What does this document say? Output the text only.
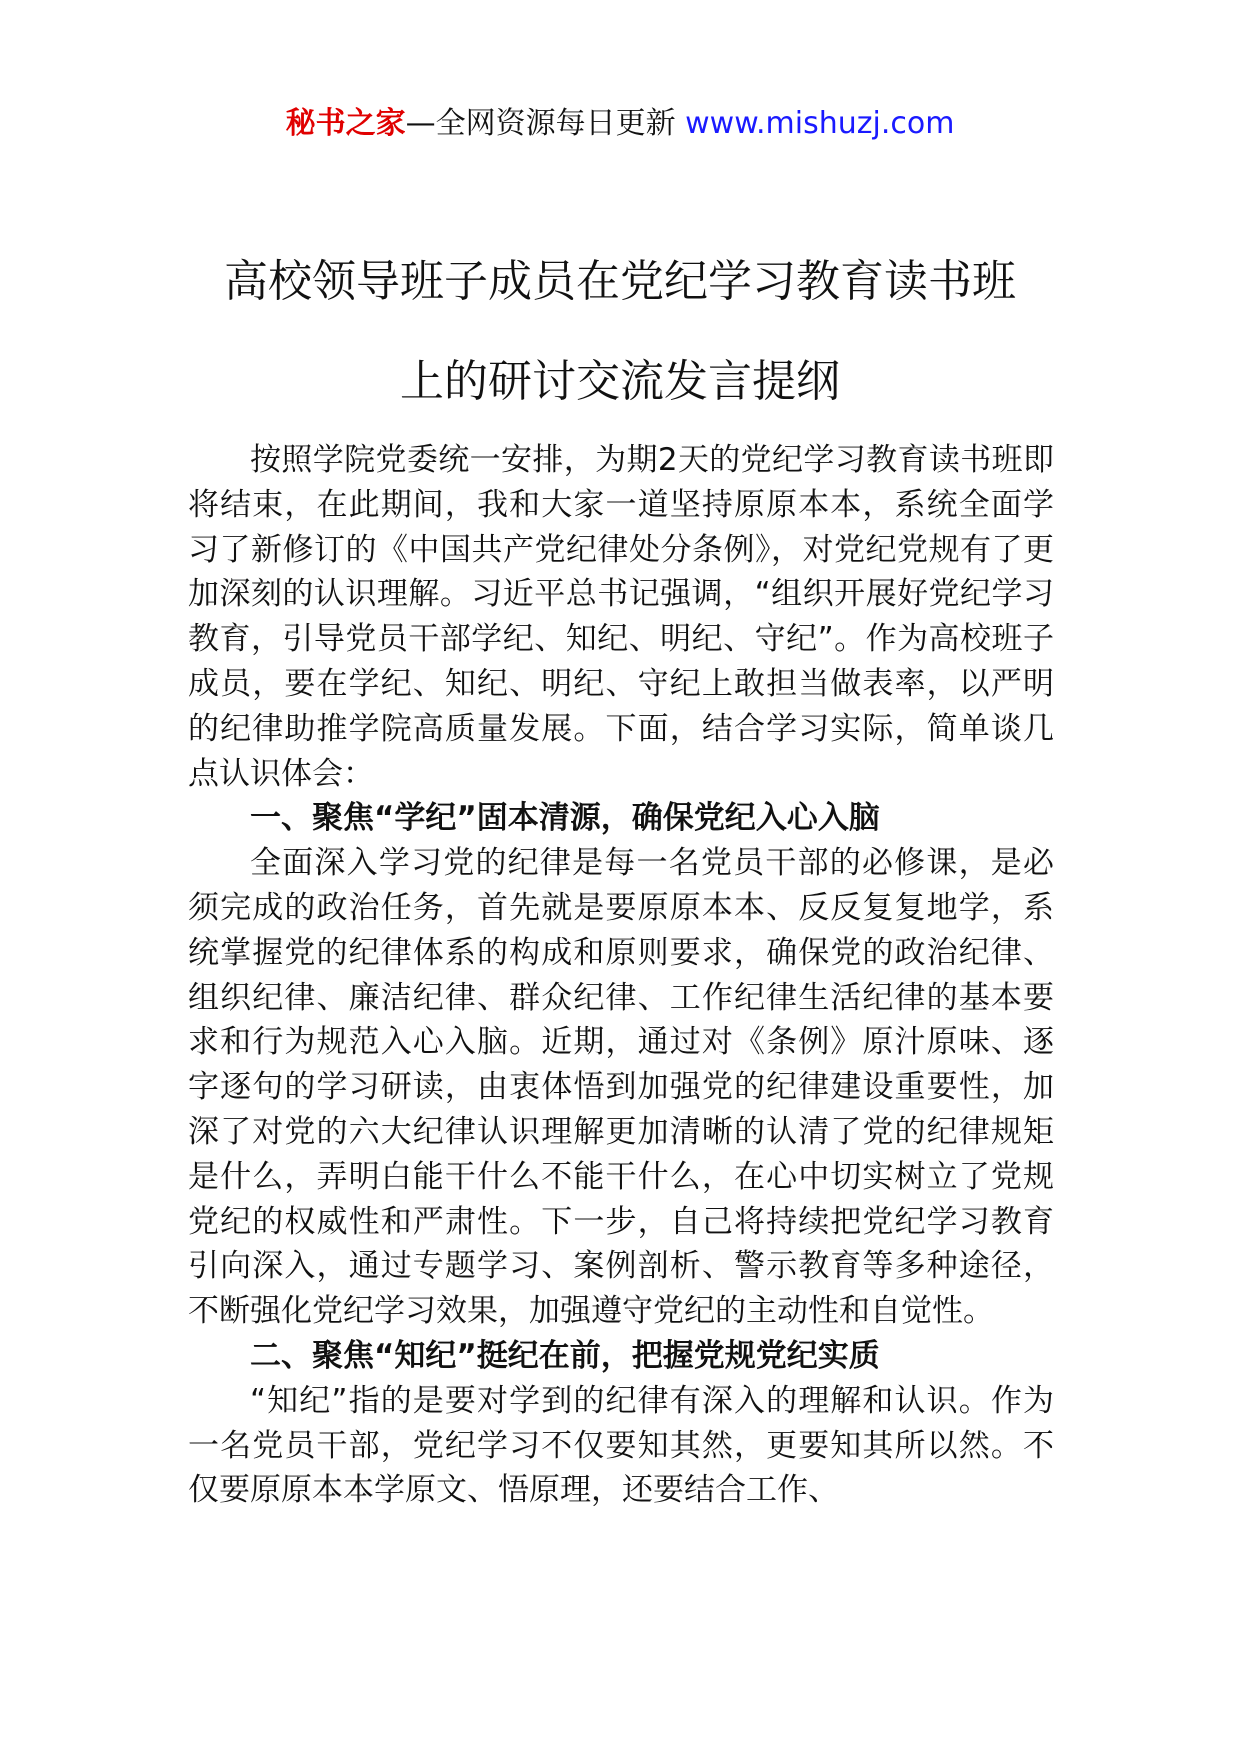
秘书之家—全网资源每日更新 www.mishuzj.com
高校领导班子成员在党纪学习教育读书班
上的研讨交流发言提纲

按照学院党委统一安排，为期2天的党纪学习教育读书班即将结束，在此期间，我和大家一道坚持原原本本，系统全面学习了新修订的《中国共产党纪律处分条例》，对党纪党规有了更加深刻的认识理解。习近平总书记强调，“组织开展好党纪学习教育，引导党员干部学纪、知纪、明纪、守纪”。作为高校班子成员，要在学纪、知纪、明纪、守纪上敢担当做表率，以严明的纪律助推学院高质量发展。下面，结合学习实际，简单谈几点认识体会：

一、聚焦“学纪”固本清源，确保党纪入心入脑

全面深入学习党的纪律是每一名党员干部的必修课，是必须完成的政治任务，首先就是要原原本本、反反复复地学，系统掌握党的纪律体系的构成和原则要求，确保党的政治纪律、组织纪律、廉洁纪律、群众纪律、工作纪律生活纪律的基本要求和行为规范入心入脑。近期，通过对《条例》原汁原味、逐字逐句的学习研读，由衷体悟到加强党的纪律建设重要性，加深了对党的六大纪律认识理解更加清晰的认清了党的纪律规矩是什么，弄明白能干什么不能干什么，在心中切实树立了党规党纪的权威性和严肃性。下一步，自己将持续把党纪学习教育引向深入，通过专题学习、案例剖析、警示教育等多种途径，不断强化党纪学习效果，加强遵守党纪的主动性和自觉性。

二、聚焦“知纪”挺纪在前，把握党规党纪实质

“知纪”指的是要对学到的纪律有深入的理解和认识。作为一名党员干部，党纪学习不仅要知其然，更要知其所以然。不仅要原原本本学原文、悟原理，还要结合工作、
